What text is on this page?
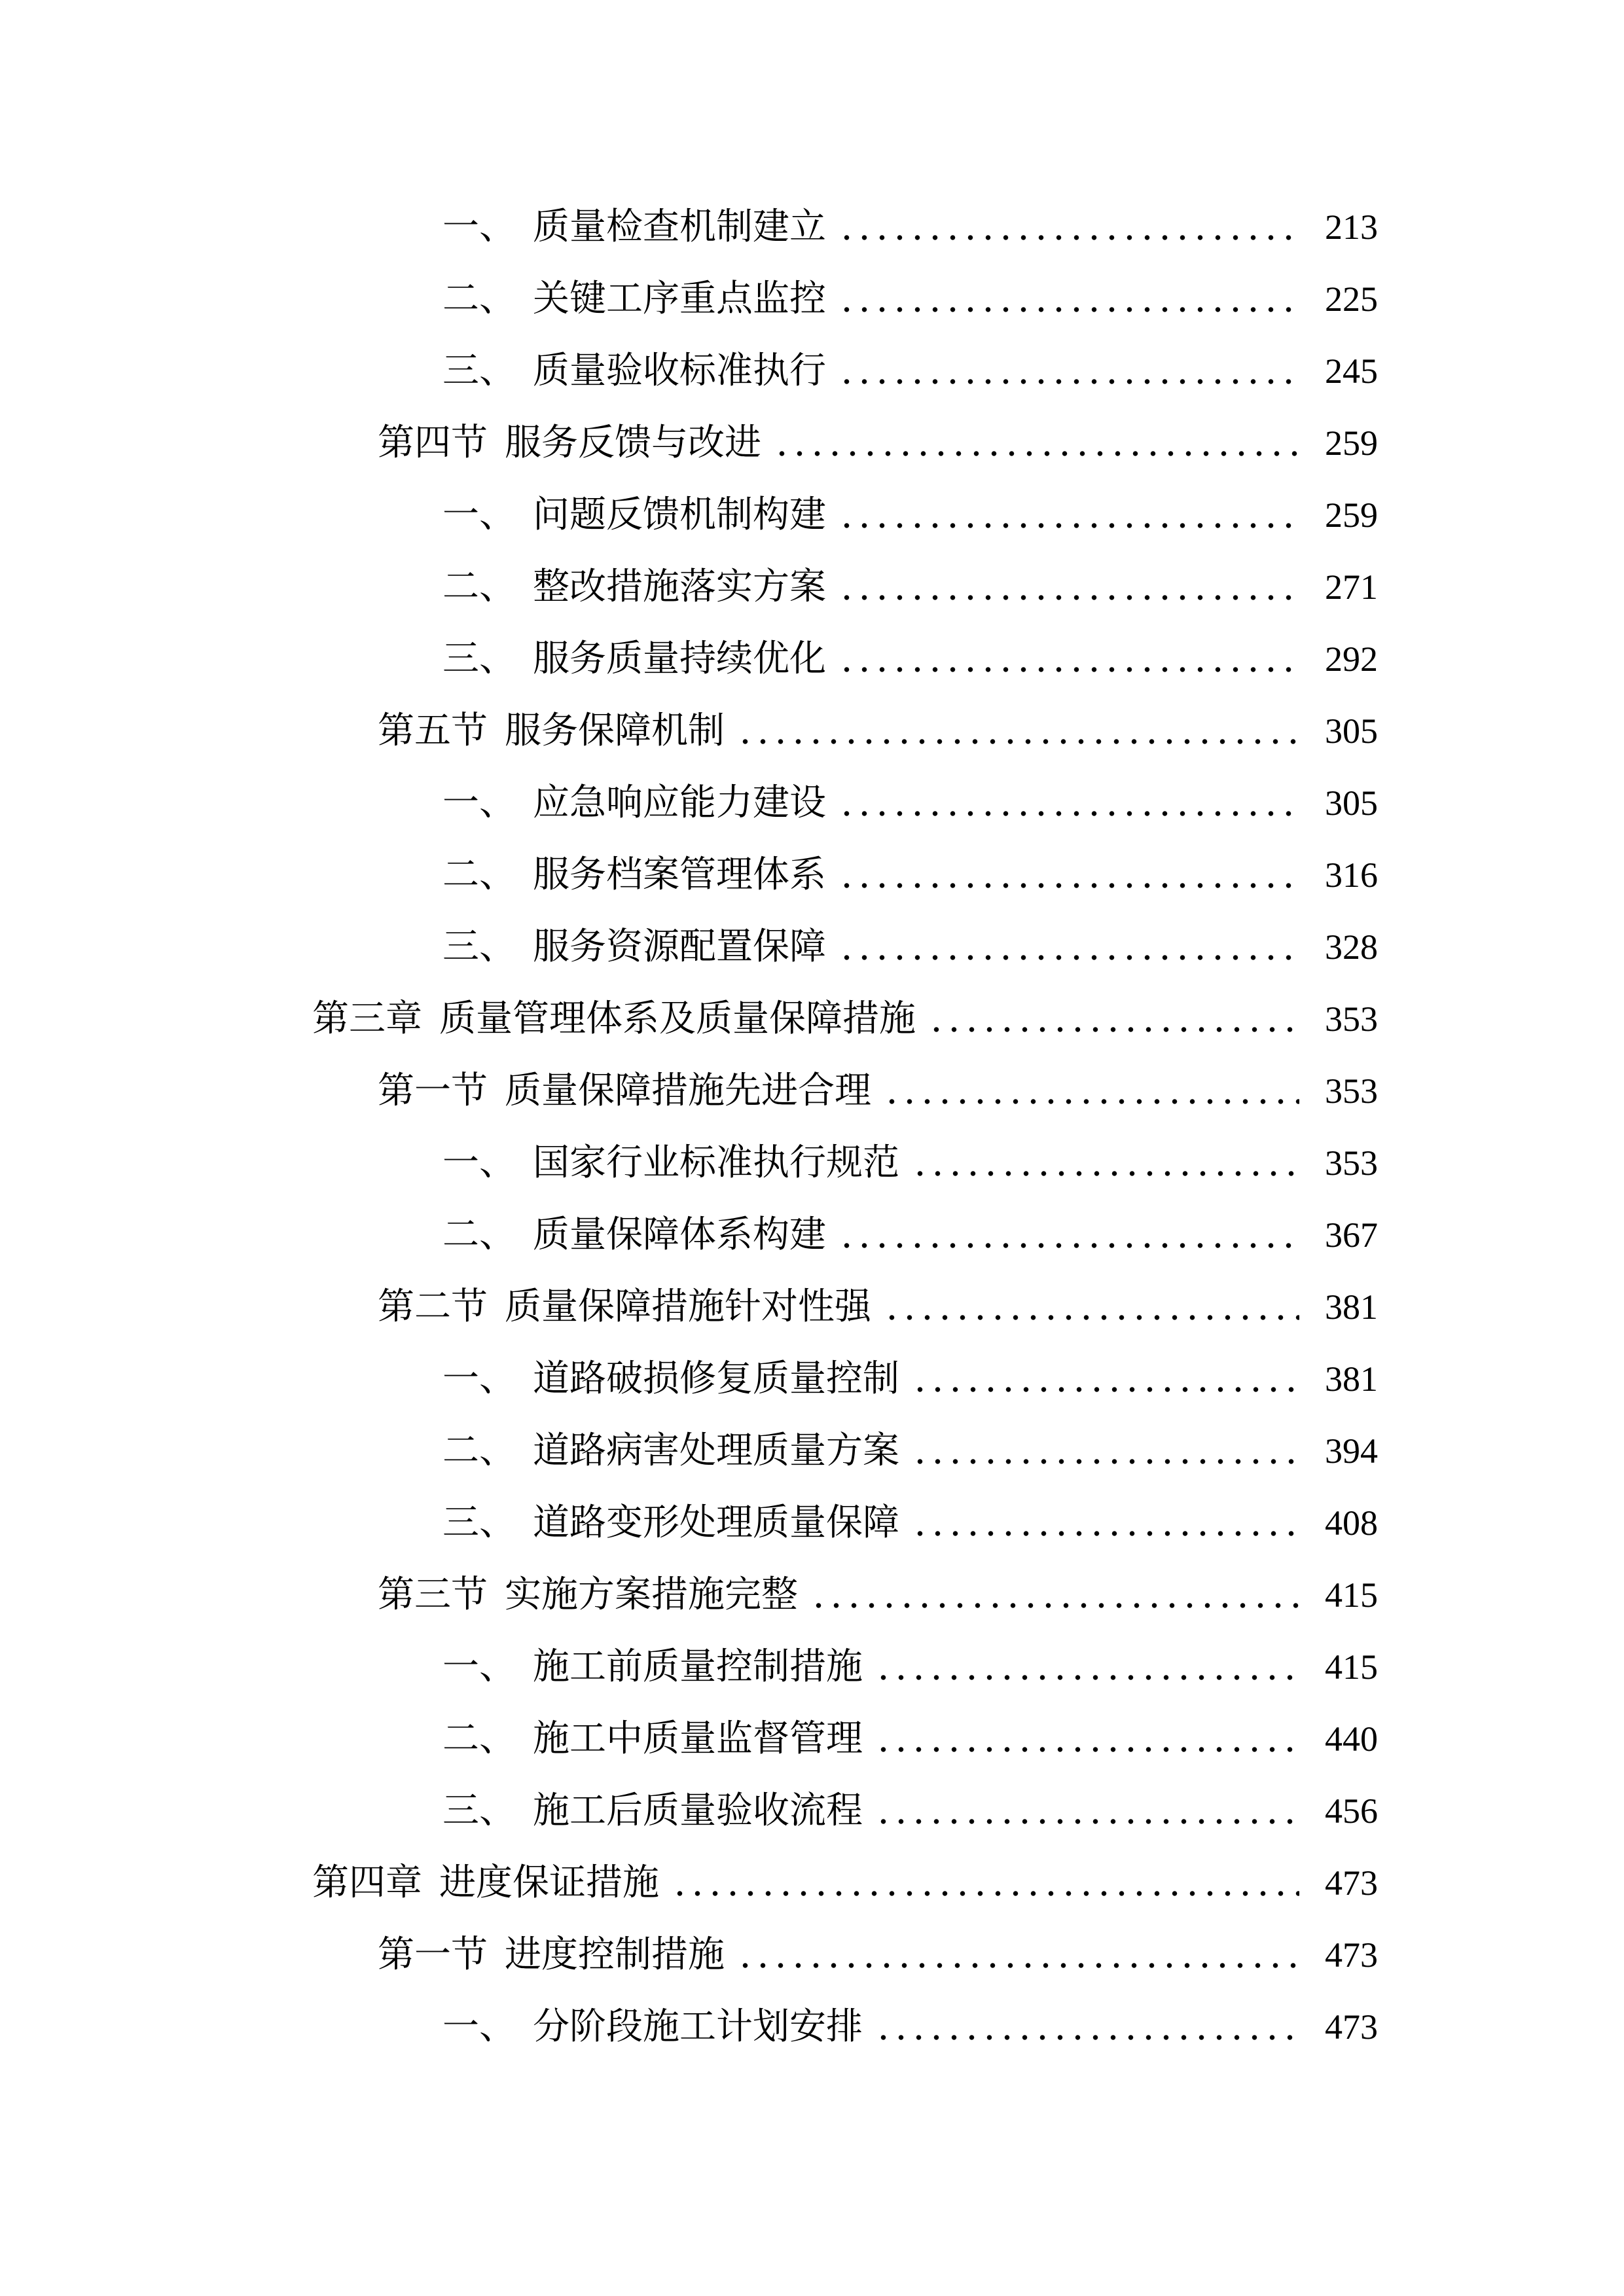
一、 质量检查机制建立	213
二、 关键工序重点监控	225
三、 质量验收标准执行	245
第四节 服务反馈与改进	259
一、 问题反馈机制构建	259
二、 整改措施落实方案	271
三、 服务质量持续优化	292
第五节 服务保障机制	305
一、 应急响应能力建设	305
二、 服务档案管理体系	316
三、 服务资源配置保障	328
第三章 质量管理体系及质量保障措施	353
第一节 质量保障措施先进合理	353
一、 国家行业标准执行规范	353
二、 质量保障体系构建	367
第二节 质量保障措施针对性强	381
一、 道路破损修复质量控制	381
二、 道路病害处理质量方案	394
三、 道路变形处理质量保障	408
第三节 实施方案措施完整	415
一、 施工前质量控制措施	415
二、 施工中质量监督管理	440
三、 施工后质量验收流程	456
第四章 进度保证措施	473
第一节 进度控制措施	473
一、 分阶段施工计划安排	473
